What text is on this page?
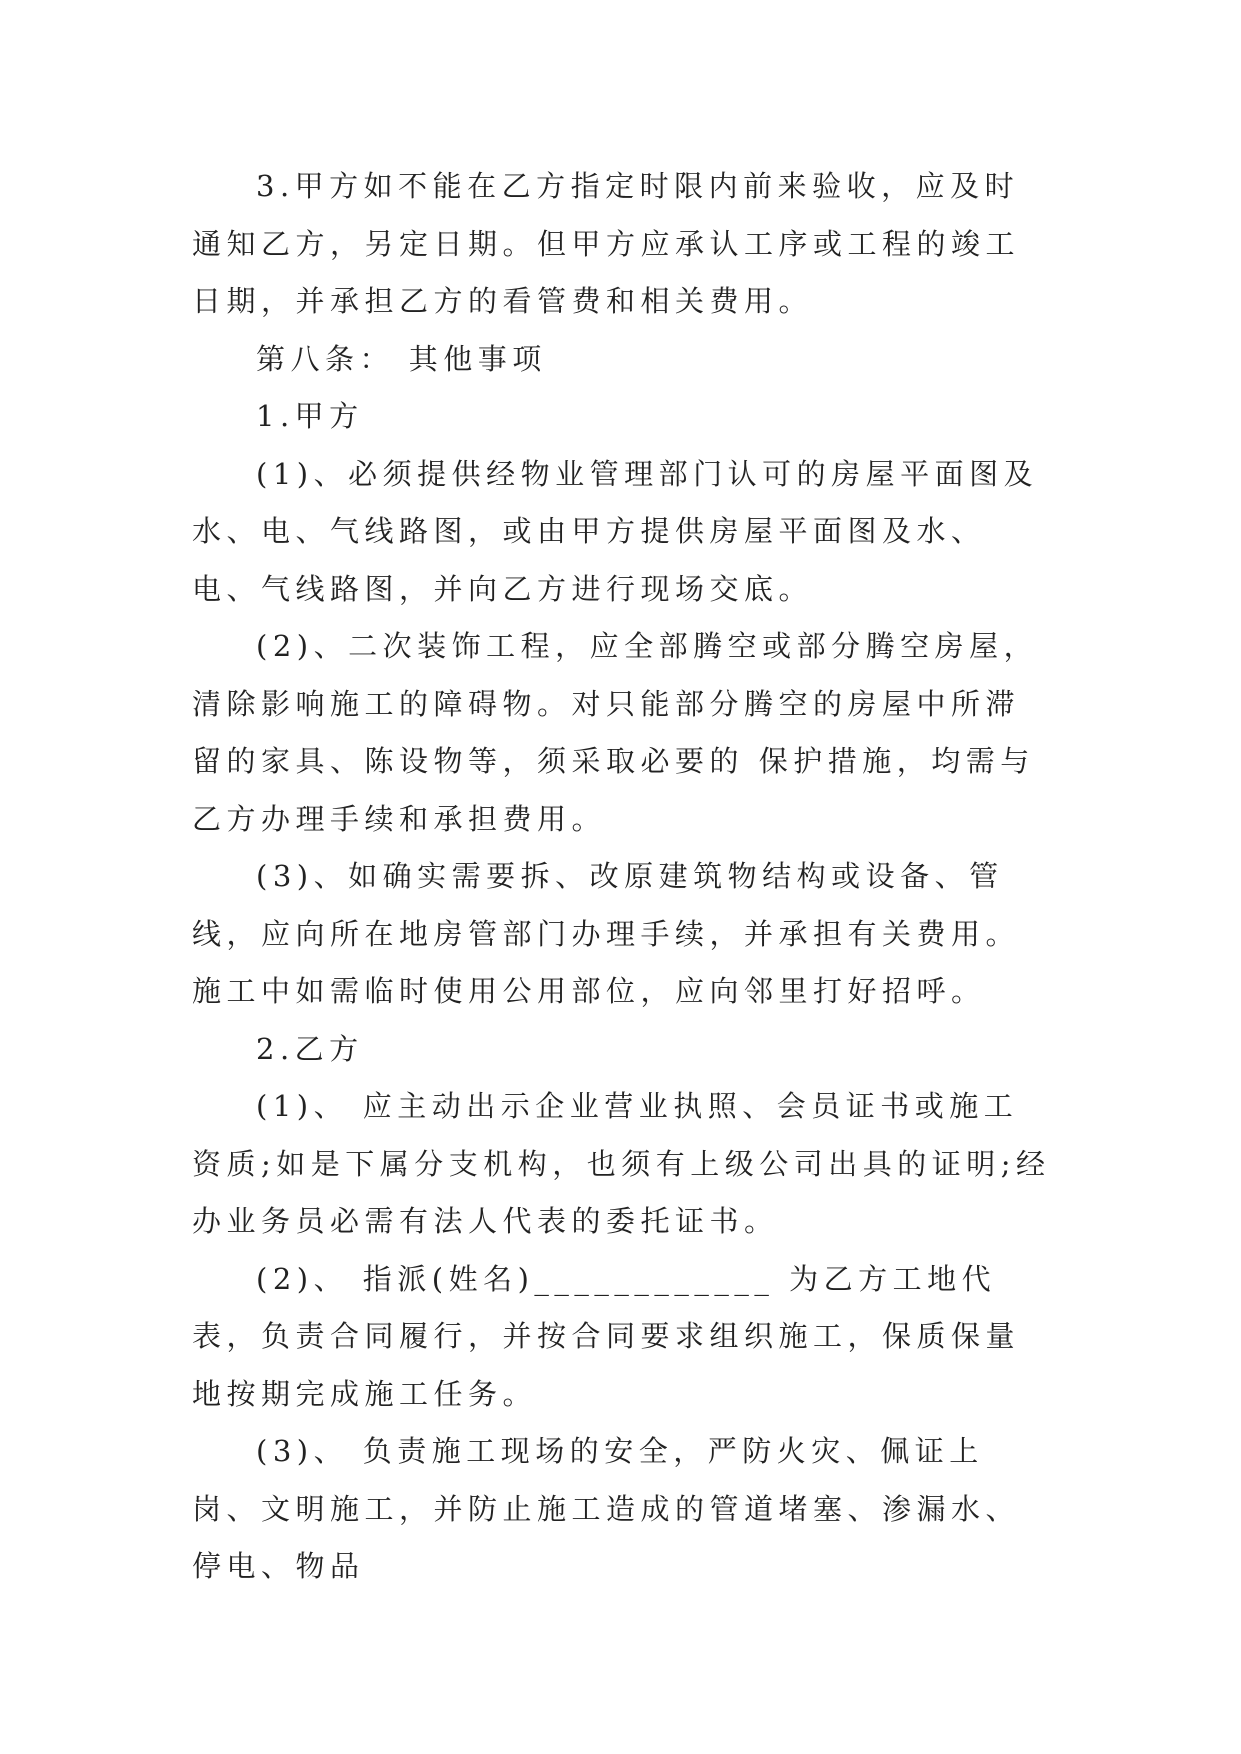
3.甲方如不能在乙方指定时限内前来验收，应及时通知乙方，另定日期。但甲方应承认工序或工程的竣工日期，并承担乙方的看管费和相关费用。

第八条： 其他事项

1.甲方

(1)、必须提供经物业管理部门认可的房屋平面图及水、电、气线路图，或由甲方提供房屋平面图及水、电、气线路图，并向乙方进行现场交底。

(2)、二次装饰工程，应全部腾空或部分腾空房屋，清除影响施工的障碍物。对只能部分腾空的房屋中所滞留的家具、陈设物等，须采取必要的 保护措施，均需与乙方办理手续和承担费用。

(3)、如确实需要拆、改原建筑物结构或设备、管线，应向所在地房管部门办理手续，并承担有关费用。施工中如需临时使用公用部位，应向邻里打好招呼。

2.乙方

(1)、 应主动出示企业营业执照、会员证书或施工资质;如是下属分支机构，也须有上级公司出具的证明;经办业务员必需有法人代表的委托证书。

(2)、 指派(姓名)____________ 为乙方工地代表，负责合同履行，并按合同要求组织施工，保质保量地按期完成施工任务。

(3)、 负责施工现场的安全，严防火灾、佩证上岗、文明施工，并防止施工造成的管道堵塞、渗漏水、停电、物品
